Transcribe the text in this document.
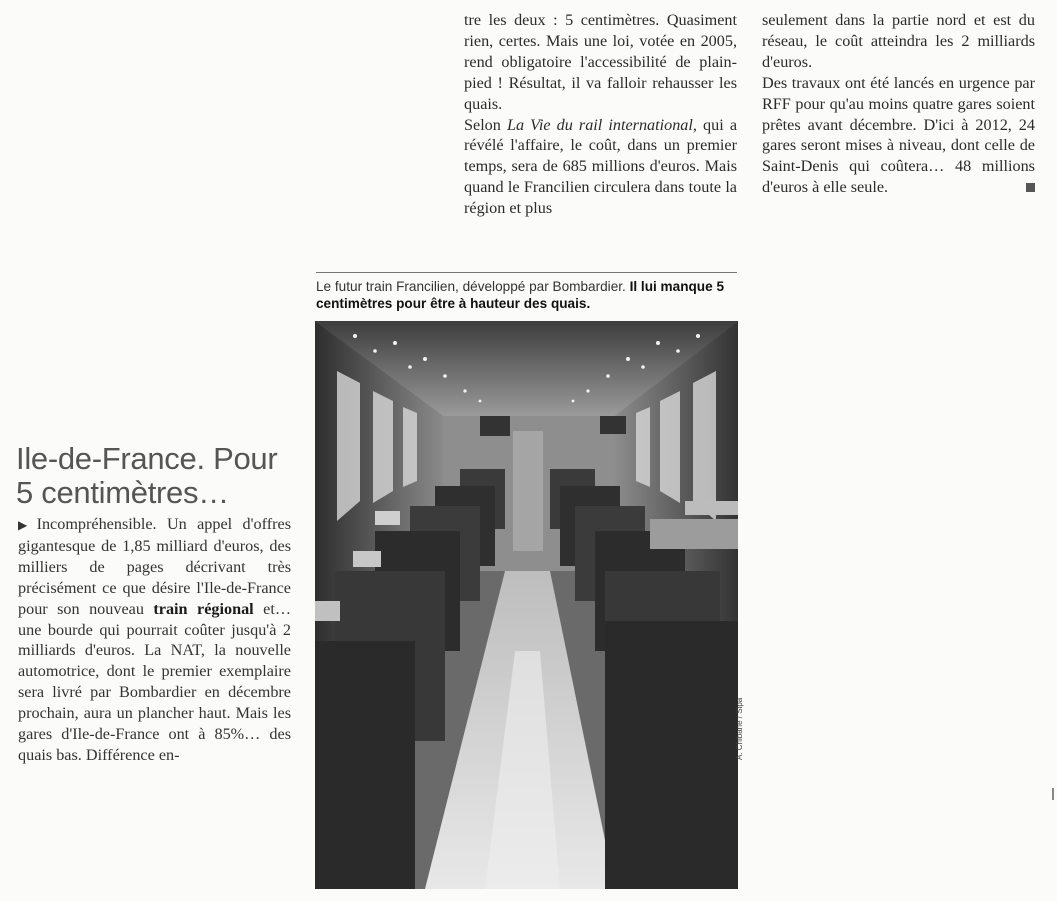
tre les deux : 5 centimètres. Quasiment rien, certes. Mais une loi, votée en 2005, rend obligatoire l'accessibilité de plain-pied ! Résultat, il va falloir rehausser les quais.

Selon La Vie du rail international, qui a révélé l'affaire, le coût, dans un premier temps, sera de 685 millions d'euros. Mais quand le Francilien circulera dans toute la région et plus

seulement dans la partie nord et est du réseau, le coût atteindra les 2 milliards d'euros.

Des travaux ont été lancés en urgence par RFF pour qu'au moins quatre gares soient prêtes avant décembre. D'ici à 2012, 24 gares seront mises à niveau, dont celle de Saint-Denis qui coûtera… 48 millions d'euros à elle seule.

Le futur train Francilien, développé par Bombardier. Il lui manque 5 centimètres pour être à hauteur des quais.
A. Chibane / Sipa
Ile-de-France. Pour 5 centimètres…

▶ Incompréhensible. Un appel d'offres gigantesque de 1,85 milliard d'euros, des milliers de pages décrivant très précisément ce que désire l'Ile-de-France pour son nouveau train régional et… une bourde qui pourrait coûter jusqu'à 2 milliards d'euros. La NAT, la nouvelle automotrice, dont le premier exemplaire sera livré par Bombardier en décembre prochain, aura un plancher haut. Mais les gares d'Ile-de-France ont à 85%… des quais bas. Différence en-
